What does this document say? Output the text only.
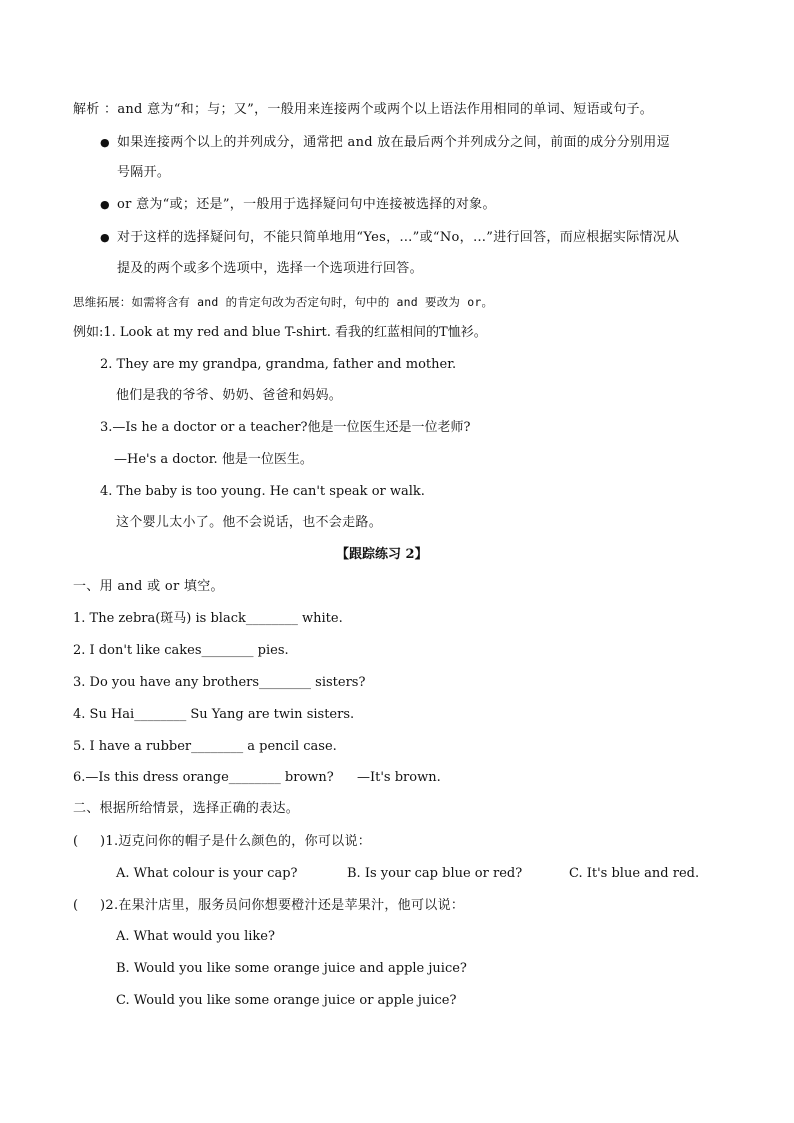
解析 ：and 意为“和；与；又”，一般用来连接两个或两个以上语法作用相同的单词、短语或句子。
● 如果连接两个以上的并列成分，通常把 and 放在最后两个并列成分之间，前面的成分分别用逗
号隔开。
● or 意为“或；还是”，一般用于选择疑问句中连接被选择的对象。
● 对于这样的选择疑问句，不能只简单地用“Yes，…”或“No，…”进行回答，而应根据实际情况从
提及的两个或多个选项中，选择一个选项进行回答。
思维拓展：如需将含有 and 的肯定句改为否定句时，句中的 and 要改为 or。
例如:1. Look at my red and blue T-shirt. 看我的红蓝相间的T恤衫。
2. They are my grandpa, grandma, father and mother.
他们是我的爷爷、奶奶、爸爸和妈妈。
3.—Is he a doctor or a teacher?他是一位医生还是一位老师?
—He's a doctor. 他是一位医生。
4. The baby is too young. He can't speak or walk.
这个婴儿太小了。他不会说话，也不会走路。
【跟踪练习 2】
一、用 and 或 or 填空。
1. The zebra(斑马) is black________ white.
2. I don't like cakes________ pies.
3. Do you have any brothers________ sisters?
4. Su Hai________ Su Yang are twin sisters.
5. I have a rubber________ a pencil case.
6.—Is this dress orange________ brown? —It's brown.
二、根据所给情景，选择正确的表达。
( )1.迈克问你的帽子是什么颜色的，你可以说：
A. What colour is your cap?	B. Is your cap blue or red?	C. It's blue and red.
( )2.在果汁店里，服务员问你想要橙汁还是苹果汁，他可以说：
A. What would you like?
B. Would you like some orange juice and apple juice?
C. Would you like some orange juice or apple juice?
